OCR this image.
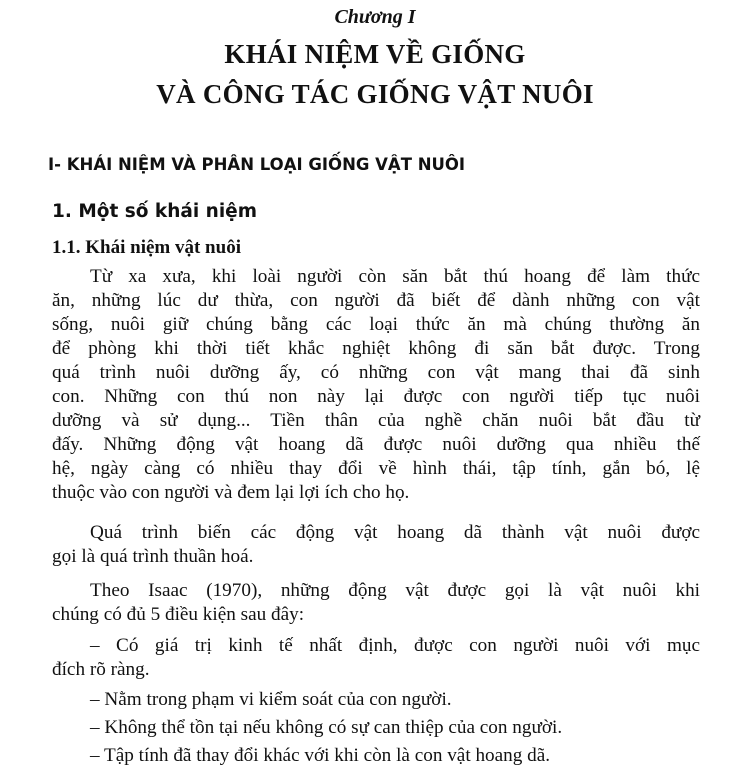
Chương I
KHÁI NIỆM VỀ GIỐNG
VÀ CÔNG TÁC GIỐNG VẬT NUÔI
I- KHÁI NIỆM VÀ PHÂN LOẠI GIỐNG VẬT NUÔI
1. Một số khái niệm
1.1. Khái niệm vật nuôi
Từ xa xưa, khi loài người còn săn bắt thú hoang để làm thức
ăn, những lúc dư thừa, con người đã biết để dành những con vật
sống, nuôi giữ chúng bằng các loại thức ăn mà chúng thường ăn
để phòng khi thời tiết khắc nghiệt không đi săn bắt được. Trong
quá trình nuôi dưỡng ấy, có những con vật mang thai đã sinh
con. Những con thú non này lại được con người tiếp tục nuôi
dưỡng và sử dụng... Tiền thân của nghề chăn nuôi bắt đầu từ
đấy. Những động vật hoang dã được nuôi dưỡng qua nhiều thế
hệ, ngày càng có nhiều thay đổi về hình thái, tập tính, gắn bó, lệ
thuộc vào con người và đem lại lợi ích cho họ.
Quá trình biến các động vật hoang dã thành vật nuôi được
gọi là quá trình thuần hoá.
Theo Isaac (1970), những động vật được gọi là vật nuôi khi
chúng có đủ 5 điều kiện sau đây:
– Có giá trị kinh tế nhất định, được con người nuôi với mục
đích rõ ràng.
– Nằm trong phạm vi kiểm soát của con người.
– Không thể tồn tại nếu không có sự can thiệp của con người.
– Tập tính đã thay đổi khác với khi còn là con vật hoang dã.
